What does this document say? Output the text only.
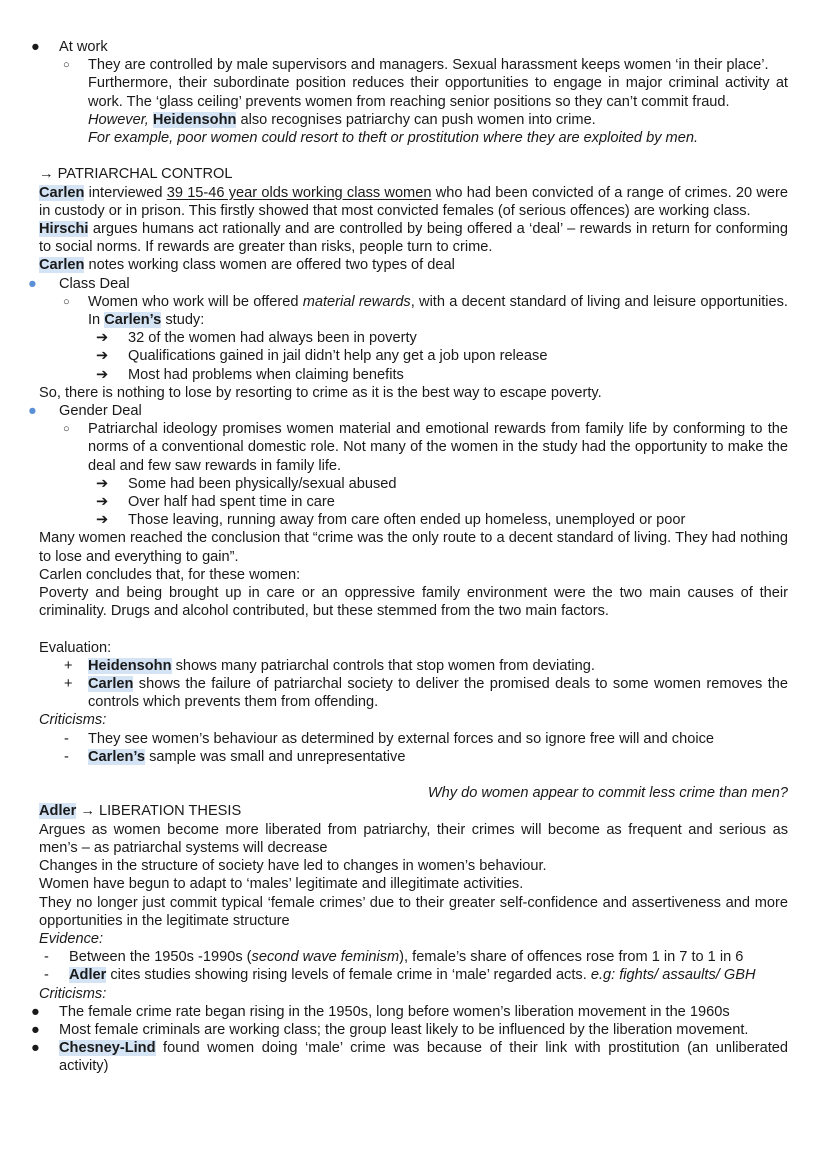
● At work
○ They are controlled by male supervisors and managers. Sexual harassment keeps women ‘in their place’.
Furthermore, their subordinate position reduces their opportunities to engage in major criminal activity at work. The ‘glass ceiling’ prevents women from reaching senior positions so they can’t commit fraud.
However, Heidensohn also recognises patriarchy can push women into crime.
For example, poor women could resort to theft or prostitution where they are exploited by men.
→ PATRIARCHAL CONTROL
Carlen interviewed 39 15-46 year olds working class women who had been convicted of a range of crimes. 20 were in custody or in prison. This firstly showed that most convicted females (of serious offences) are working class.
Hirschi argues humans act rationally and are controlled by being offered a ‘deal’ – rewards in return for conforming to social norms. If rewards are greater than risks, people turn to crime.
Carlen notes working class women are offered two types of deal
● Class Deal
○ Women who work will be offered material rewards, with a decent standard of living and leisure opportunities. In Carlen’s study:
➔ 32 of the women had always been in poverty
➔ Qualifications gained in jail didn’t help any get a job upon release
➔ Most had problems when claiming benefits
So, there is nothing to lose by resorting to crime as it is the best way to escape poverty.
● Gender Deal
○ Patriarchal ideology promises women material and emotional rewards from family life by conforming to the norms of a conventional domestic role. Not many of the women in the study had the opportunity to make the deal and few saw rewards in family life.
➔ Some had been physically/sexual abused
➔ Over half had spent time in care
➔ Those leaving, running away from care often ended up homeless, unemployed or poor
Many women reached the conclusion that “crime was the only route to a decent standard of living. They had nothing to lose and everything to gain”.
Carlen concludes that, for these women:
Poverty and being brought up in care or an oppressive family environment were the two main causes of their criminality. Drugs and alcohol contributed, but these stemmed from the two main factors.
Evaluation:
+ Heidensohn shows many patriarchal controls that stop women from deviating.
+ Carlen shows the failure of patriarchal society to deliver the promised deals to some women removes the controls which prevents them from offending.
Criticisms:
- They see women’s behaviour as determined by external forces and so ignore free will and choice
- Carlen’s sample was small and unrepresentative
Why do women appear to commit less crime than men?
Adler → LIBERATION THESIS
Argues as women become more liberated from patriarchy, their crimes will become as frequent and serious as men’s – as patriarchal systems will decrease
Changes in the structure of society have led to changes in women’s behaviour.
Women have begun to adapt to ‘males’ legitimate and illegitimate activities.
They no longer just commit typical ‘female crimes’ due to their greater self-confidence and assertiveness and more opportunities in the legitimate structure
Evidence:
- Between the 1950s -1990s (second wave feminism), female’s share of offences rose from 1 in 7 to 1 in 6
- Adler cites studies showing rising levels of female crime in ‘male’ regarded acts. e.g: fights/ assaults/ GBH
Criticisms:
● The female crime rate began rising in the 1950s, long before women’s liberation movement in the 1960s
● Most female criminals are working class; the group least likely to be influenced by the liberation movement.
● Chesney-Lind found women doing ‘male’ crime was because of their link with prostitution (an unliberated activity)
